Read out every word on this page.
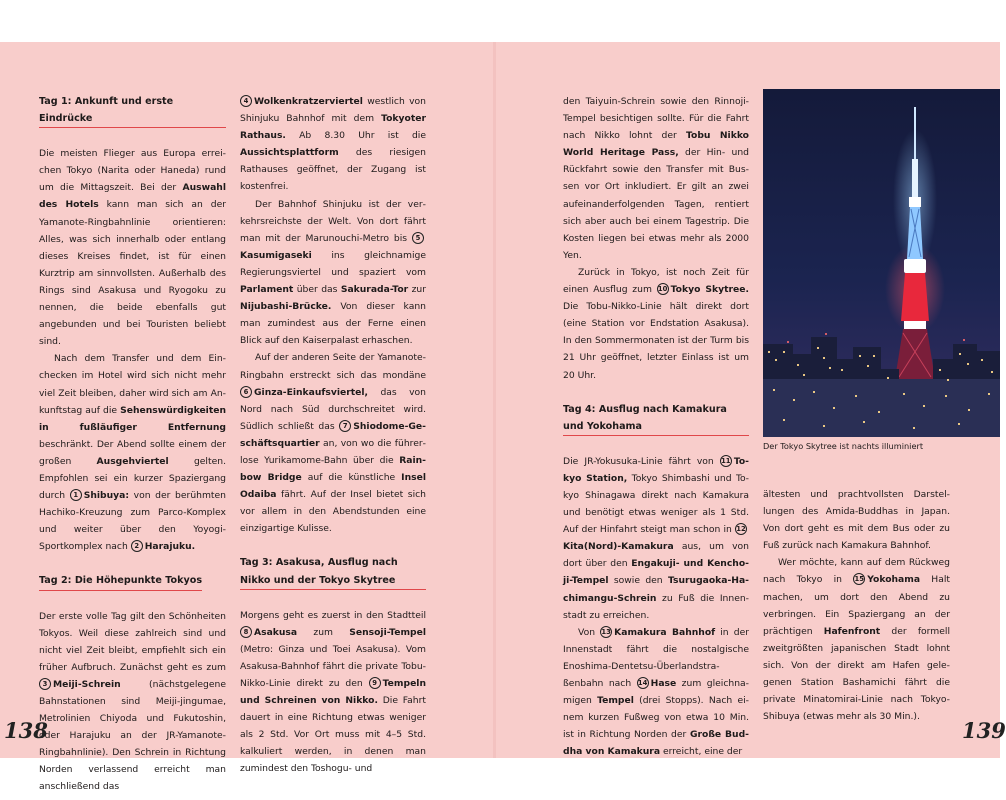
Tag 1: Ankunft und erste Eindrücke

Die meisten Flieger aus Europa erreichen Tokyo (Narita oder Haneda) rund um die Mittagszeit. Bei der Auswahl des Hotels kann man sich an der Yamanote-Ringbahnlinie orientieren: Alles, was sich innerhalb oder entlang dieses Kreises findet, ist für einen Kurztrip am sinnvollsten. Außerhalb des Rings sind Asakusa und Ryogoku zu nennen, die beide ebenfalls gut angebunden und bei Touristen beliebt sind.

Nach dem Transfer und dem Einchecken im Hotel wird sich nicht mehr viel Zeit bleiben, daher wird sich am Ankunftstag auf die Sehenswürdigkeiten in fußläufiger Entfernung beschränkt. Der Abend sollte einem der großen Ausgehviertel gelten. Empfohlen sei ein kurzer Spaziergang durch 1 Shibuya: von der berühmten Hachiko-Kreuzung zum Parco-Komplex und weiter über den Yoyogi-Sportkomplex nach 2 Harajuku.

Tag 2: Die Höhepunkte Tokyos

Der erste volle Tag gilt den Schönheiten Tokyos. Weil diese zahlreich sind und nicht viel Zeit bleibt, empfiehlt sich ein früher Aufbruch. Zunächst geht es zum 3 Meiji-Schrein (nächstgelegene Bahnstationen sind Meiji-jingumae, Metrolinien Chiyoda und Fukutoshin, oder Harajuku an der JR-Yamanote-Ringbahnlinie). Den Schrein in Richtung Norden verlassend erreicht man anschließend das

4 Wolkenkratzerviertel westlich von Shinjuku Bahnhof mit dem Tokyoter Rathaus. Ab 8.30 Uhr ist die Aussichtsplattform des riesigen Rathauses geöffnet, der Zugang ist kostenfrei.

Der Bahnhof Shinjuku ist der verkehrsreichste der Welt. Von dort fährt man mit der Marunouchi-Metro bis 5Kasumigaseki ins gleichnamige Regierungsviertel und spaziert vom Parlament über das Sakurada-Tor zur Nijubashi-Brücke. Von dieser kann man zumindest aus der Ferne einen Blick auf den Kaiserpalast erhaschen.

Auf der anderen Seite der Yamanote-Ringbahn erstreckt sich das mondäne 6 Ginza-Einkaufsviertel, das von Nord nach Süd durchschreitet wird. Südlich schließt das 7 Shiodome-Geschäftsquartier an, von wo die führerlose Yurikamome-Bahn über die Rainbow Bridge auf die künstliche Insel Odaiba fährt. Auf der Insel bietet sich vor allem in den Abendstunden eine einzigartige Kulisse.

Tag 3: Asakusa, Ausflug nach Nikko und der Tokyo Skytree

Morgens geht es zuerst in den Stadtteil 8 Asakusa zum Sensoji-Tempel (Metro: Ginza und Toei Asakusa). Vom Asakusa-Bahnhof fährt die private Tobu-Nikko-Linie direkt zu den 9 Tempeln und Schreinen von Nikko. Die Fahrt dauert in eine Richtung etwas weniger als 2 Std. Vor Ort muss mit 4–5 Std. kalkuliert werden, in denen man zumindest den Toshogu- und

138

den Taiyuin-Schrein sowie den Rinnoji-Tempel besichtigen sollte. Für die Fahrt nach Nikko lohnt der Tobu Nikko World Heritage Pass, der Hin- und Rückfahrt sowie den Transfer mit Bussen vor Ort inkludiert. Er gilt an zwei aufeinanderfolgenden Tagen, rentiert sich aber auch bei einem Tagestrip. Die Kosten liegen bei etwas mehr als 2000 Yen.

Zurück in Tokyo, ist noch Zeit für einen Ausflug zum 10 Tokyo Skytree. Die Tobu-Nikko-Linie hält direkt dort (eine Station vor Endstation Asakusa). In den Sommermonaten ist der Turm bis 21 Uhr geöffnet, letzter Einlass ist um 20 Uhr.

Tag 4: Ausflug nach Kamakura und Yokohama

Die JR-Yokusuka-Linie fährt von 11 Tokyo Station, Tokyo Shimbashi und Tokyo Shinagawa direkt nach Kamakura und benötigt etwas weniger als 1 Std. Auf der Hinfahrt steigt man schon in 12Kita(Nord)-Kamakura aus, um von dort über den Engakuji- und Kenchoji-Tempel sowie den Tsurugaoka-Hachimangu-Schrein zu Fuß die Innenstadt zu erreichen.

Von 13 Kamakura Bahnhof in der Innenstadt fährt die nostalgische Enoshima-Dentetsu-Überlandstraßenbahn nach 14 Hase zum gleichnamigen Tempel (drei Stopps). Nach einem kurzen Fußweg von etwa 10 Min. ist in Richtung Norden der Große Buddha von Kamakura erreicht, eine der

Der Tokyo Skytree ist nachts illuminiert

ältesten und prachtvollsten Darstellungen des Amida-Buddhas in Japan. Von dort geht es mit dem Bus oder zu Fuß zurück nach Kamakura Bahnhof.

Wer möchte, kann auf dem Rückweg nach Tokyo in 15 Yokohama Halt machen, um dort den Abend zu verbringen. Ein Spaziergang an der prächtigen Hafenfront der formell zweitgrößten japanischen Stadt lohnt sich. Von der direkt am Hafen gelegenen Station Bashamichi fährt die private Minatomirai-Linie nach Tokyo-Shibuya (etwas mehr als 30 Min.).

139
